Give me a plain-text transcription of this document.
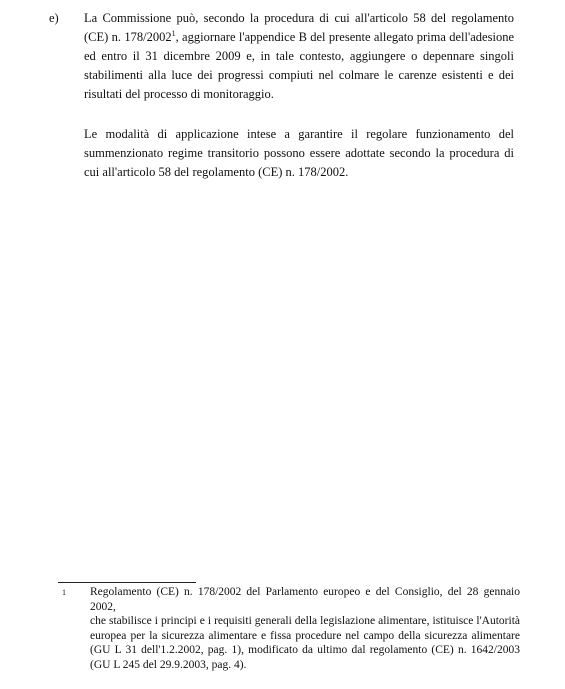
e) La Commissione può, secondo la procedura di cui all'articolo 58 del regolamento (CE) n. 178/2002$^1$, aggiornare l'appendice B del presente allegato prima dell'adesione ed entro il 31 dicembre 2009 e, in tale contesto, aggiungere o depennare singoli stabilimenti alla luce dei progressi compiuti nel colmare le carenze esistenti e dei risultati del processo di monitoraggio.
Le modalità di applicazione intese a garantire il regolare funzionamento del summenzionato regime transitorio possono essere adottate secondo la procedura di cui all'articolo 58 del regolamento (CE) n. 178/2002.
1 Regolamento (CE) n. 178/2002 del Parlamento europeo e del Consiglio, del 28 gennaio 2002,
che stabilisce i principi e i requisiti generali della legislazione alimentare, istituisce l'Autorità
europea per la sicurezza alimentare e fissa procedure nel campo della sicurezza alimentare
(GU L 31 dell'1.2.2002, pag. 1), modificato da ultimo dal regolamento (CE) n. 1642/2003
(GU L 245 del 29.9.2003, pag. 4).
